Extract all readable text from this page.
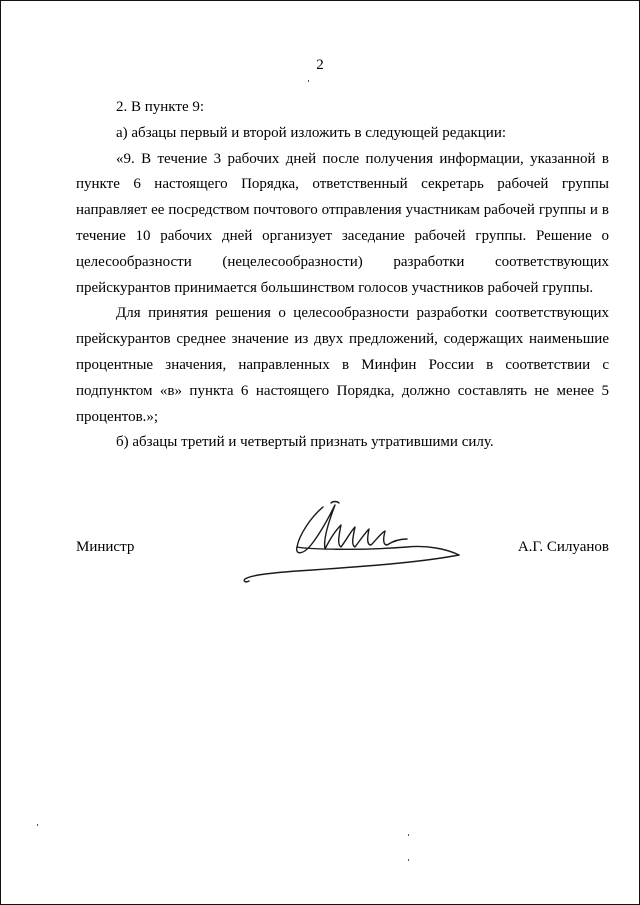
2

2. В пункте 9:

а) абзацы первый и второй изложить в следующей редакции:

«9. В течение 3 рабочих дней после получения информации, указанной в пункте 6 настоящего Порядка, ответственный секретарь рабочей группы направляет ее посредством почтового отправления участникам рабочей группы и в течение 10 рабочих дней организует заседание рабочей группы. Решение о целесообразности (нецелесообразности) разработки соответствующих прейскурантов принимается большинством голосов участников рабочей группы.

Для принятия решения о целесообразности разработки соответствующих прейскурантов среднее значение из двух предложений, содержащих наименьшие процентные значения, направленных в Минфин России в соответствии с подпунктом «в» пункта 6 настоящего Порядка, должно составлять не менее 5 процентов.»;

б) абзацы третий и четвертый признать утратившими силу.

Министр	А.Г. Силуанов
